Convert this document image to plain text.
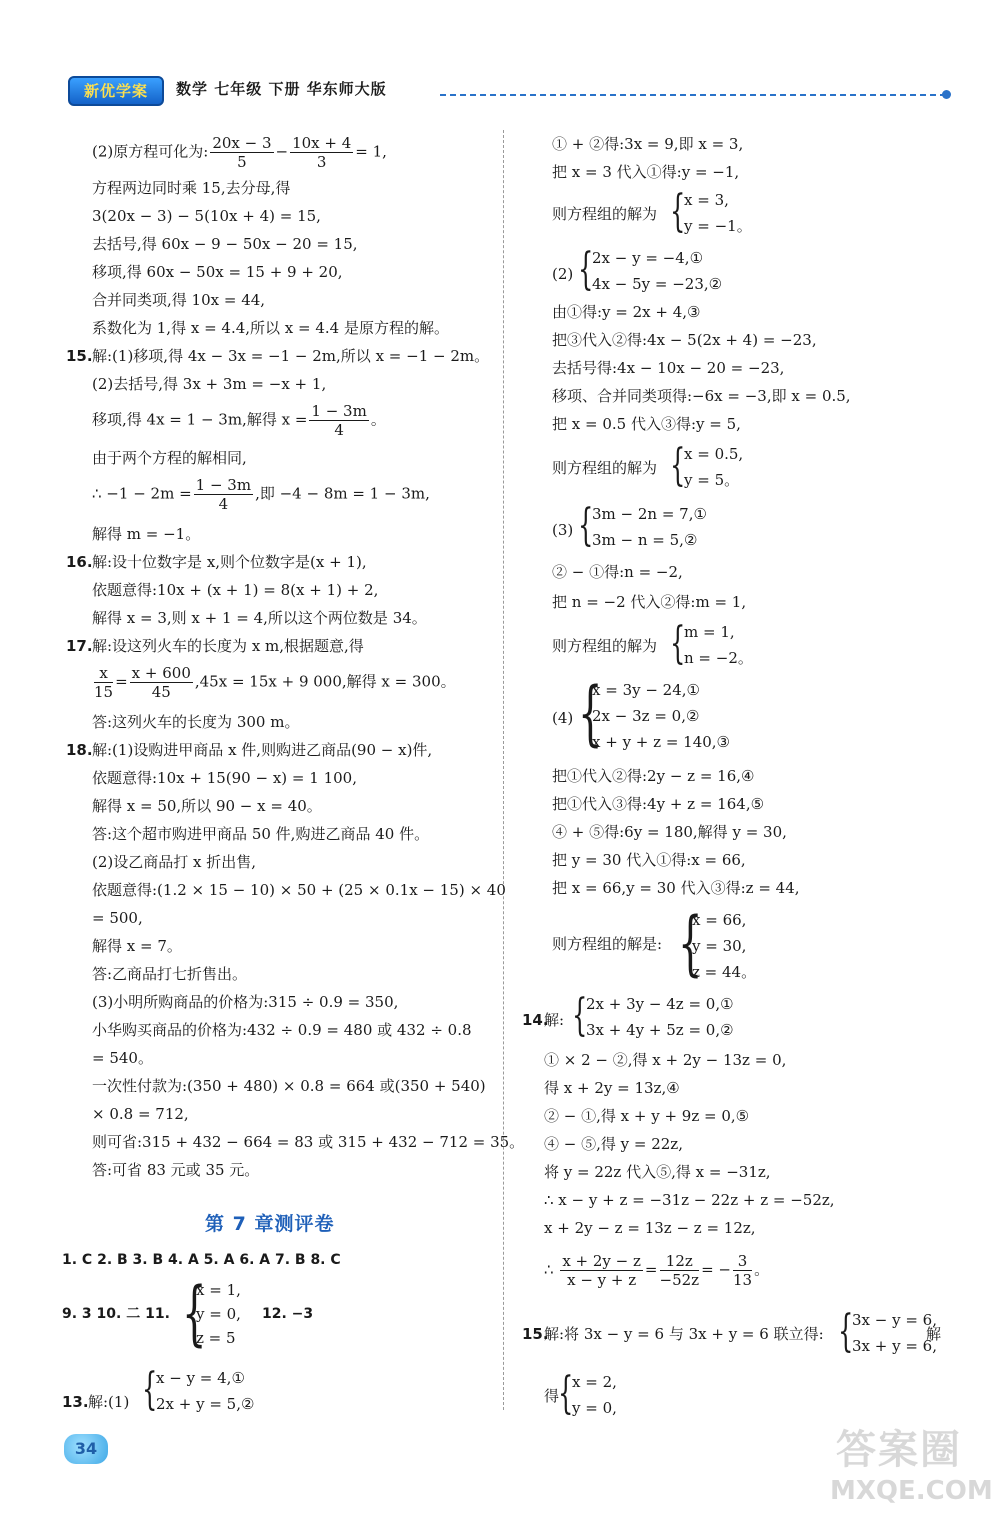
新优学案	数学 七年级 下册 华东师大版
(2)原方程可化为: $\frac{20x - 3}{5} - \frac{10x + 4}{3} = 1$,
方程两边同时乘 15,去分母,得
3(20x − 3) − 5(10x + 4) = 15,
去括号,得 60x − 9 − 50x − 20 = 15,
移项,得 60x − 50x = 15 + 9 + 20,
合并同类项,得 10x = 44,
系数化为 1,得 x = 4.4,所以 x = 4.4 是原方程的解。
15. 解:(1)移项,得 4x − 3x = −1 − 2m,所以 x = −1 − 2m。
(2)去括号,得 3x + 3m = −x + 1,
移项,得 4x = 1 − 3m,解得 $x = \frac{1 - 3m}{4}$ 。
由于两个方程的解相同,
∴ $-1 - 2m = \frac{1 - 3m}{4}$ ,即 −4 − 8m = 1 − 3m,
解得 m = −1。
16. 解:设十位数字是 x,则个位数字是(x + 1),
依题意得:10x + (x + 1) = 8(x + 1) + 2,
解得 x = 3,则 x + 1 = 4,所以这个两位数是 34。
17. 解:设这列火车的长度为 x m,根据题意,得
$\frac{x}{15} = \frac{x + 600}{45} ,45x = 15x + 9$ 000,解得 x = 300。
答:这列火车的长度为 300 m。
18. 解:(1)设购进甲商品 x 件,则购进乙商品(90 − x)件,
依题意得:10x + 15(90 − x) = 1 100,
解得 x = 50,所以 90 − x = 40。
答:这个超市购进甲商品 50 件,购进乙商品 40 件。
(2)设乙商品打 x 折出售,
依题意得:(1.2 × 15 − 10) × 50 + (25 × 0.1x − 15) × 40
= 500,
解得 x = 7。
答:乙商品打七折售出。
(3)小明所购商品的价格为:315 ÷ 0.9 = 350,
小华购买商品的价格为:432 ÷ 0.9 = 480 或 432 ÷ 0.8
= 540。
一次性付款为:(350 + 480) × 0.8 = 664 或(350 + 540)
× 0.8 = 712,
则可省:315 + 432 − 664 = 83 或 315 + 432 − 712 = 35。
答:可省 83 元或 35 元。
1. C 2. B 3. B 4. A 5. A 6. A 7. B 8. C
9. 3 10. 二 11. {
x = 1,
y = 0,
z = 5
12. −3
13. 解:(1) {
x − y = 4,①
2x + y = 5,②
第 7 章测评卷
① + ②得:3x = 9,即 x = 3,
把 x = 3 代入①得:y = −1,
则方程组的解为 {
x = 3,
y = −1。
(2) {
2x − y = −4,①
4x − 5y = −23,②
由①得:y = 2x + 4,③
把③代入②得:4x − 5(2x + 4) = −23,
去括号得:4x − 10x − 20 = −23,
移项、合并同类项得:−6x = −3,即 x = 0.5,
把 x = 0.5 代入③得:y = 5,
则方程组的解为 {
x = 0.5,
y = 5。
(3) {
3m − 2n = 7,①
3m − n = 5,②
② − ①得:n = −2,
把 n = −2 代入②得:m = 1,
则方程组的解为 {
m = 1,
n = −2。
(4) {
x = 3y − 24,①
2x − 3z = 0,②
x + y + z = 140,③
把①代入②得:2y − z = 16,④
把①代入③得:4y + z = 164,⑤
④ + ⑤得:6y = 180,解得 y = 30,
把 y = 30 代入①得:x = 66,
把 x = 66,y = 30 代入③得:z = 44,
则方程组的解是: {
x = 66,
y = 30,
z = 44。
14.
解: {
2x + 3y − 4z = 0,①
3x + 4y + 5z = 0,②
① × 2 − ②,得 x + 2y − 13z = 0,
得 x + 2y = 13z,④
② − ①,得 x + y + 9z = 0,⑤
④ − ⑤,得 y = 22z,
将 y = 22z 代入⑤,得 x = −31z,
∴ x − y + z = −31z − 22z + z = −52z,
x + 2y − z = 13z − z = 12z,
∴ $\frac{x + 2y - z}{x - y + z} = \frac{12z}{-52z}$ = − $\frac{3}{13}$ 。
15.
解:将 3x − y = 6 与 3x + y = 6 联立得: {
3x − y = 6,
3x + y = 6,
解
得
{
x = 2,
y = 0,
34	答案圈
MXQE.COM
